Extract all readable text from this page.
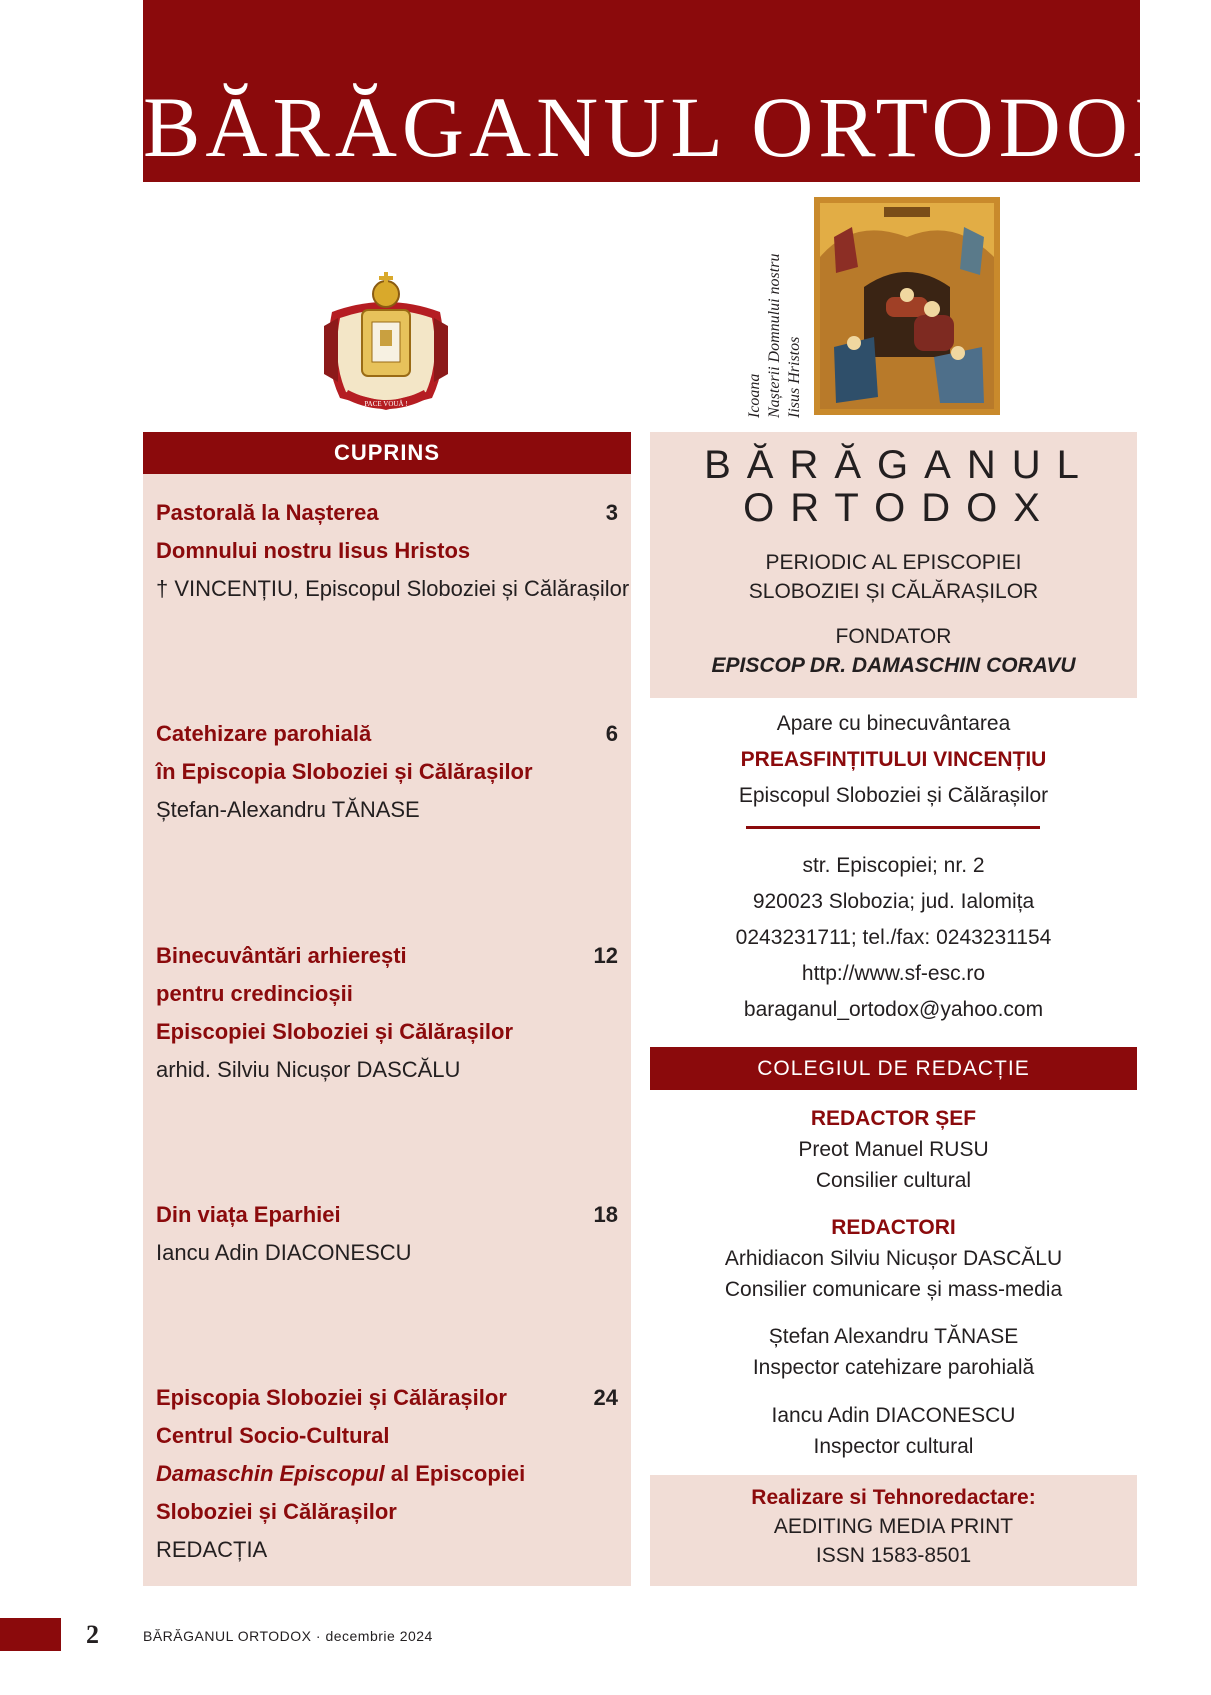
BĂRĂGANUL ORTODOX
PACE VOUĂ !	Icoana Nașterii Domnului nostru Iisus Hristos
CUPRINS
Pastorală la Nașterea
Domnului nostru Iisus Hristos
† VINCENȚIU, Episcopul Sloboziei și Călărașilor
3
Catehizare parohială
în Episcopia Sloboziei și Călărașilor
Ștefan-Alexandru TĂNASE
6
Binecuvântări arhierești
pentru credincioșii
Episcopiei Sloboziei și Călărașilor
arhid. Silviu Nicușor DASCĂLU
12
Din viața Eparhiei
Iancu Adin DIACONESCU
18
Episcopia Sloboziei și Călărașilor
Centrul Socio-Cultural
Damaschin Episcopul al Episcopiei
Sloboziei și Călărașilor
REDACȚIA
24
BĂRĂGANUL
ORTODOX
PERIODIC AL EPISCOPIEI
SLOBOZIEI ȘI CĂLĂRAȘILOR
FONDATOR
EPISCOP DR. DAMASCHIN CORAVU
Apare cu binecuvântarea
PREASFINȚITULUI VINCENȚIU
Episcopul Sloboziei și Călărașilor
str. Episcopiei; nr. 2
920023 Slobozia; jud. Ialomița
0243231711; tel./fax: 0243231154
http://www.sf-esc.ro
baraganul_ortodox@yahoo.com
COLEGIUL DE REDACȚIE
REDACTOR ȘEF
Preot Manuel RUSU
Consilier cultural
REDACTORI
Arhidiacon Silviu Nicușor DASCĂLU
Consilier comunicare și mass-media
Ștefan Alexandru TĂNASE
Inspector catehizare parohială
Iancu Adin DIACONESCU
Inspector cultural
Realizare si Tehnoredactare:
AEDITING MEDIA PRINT
ISSN 1583-8501
2	BĂRĂGANUL ORTODOX · decembrie 2024
